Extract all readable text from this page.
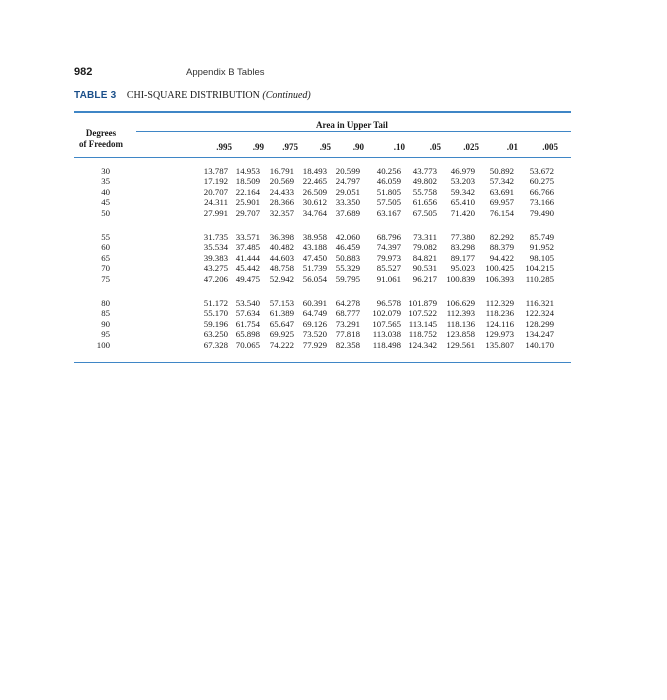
982	Appendix B Tables
TABLE 3 CHI-SQUARE DISTRIBUTION (Continued)
Degrees
of Freedom
Area in Upper Tail
.995 .99 .975 .95 .90	.10	.05 .025	.01	.005
30	13.787 14.953 16.791 18.493 20.599 40.256 43.773 46.979 50.892 53.672
35	17.192 18.509 20.569 22.465 24.797 46.059 49.802 53.203 57.342 60.275
40	20.707 22.164 24.433 26.509 29.051 51.805 55.758 59.342 63.691 66.766
45	24.311 25.901 28.366 30.612 33.350 57.505 61.656 65.410 69.957 73.166
50	27.991 29.707 32.357 34.764 37.689 63.167 67.505 71.420 76.154 79.490
55	31.735 33.571 36.398 38.958 42.060 68.796 73.311 77.380 82.292 85.749
60	35.534 37.485 40.482 43.188 46.459 74.397 79.082 83.298 88.379 91.952
65	39.383 41.444 44.603 47.450 50.883 79.973 84.821 89.177 94.422 98.105
70	43.275 45.442 48.758 51.739 55.329 85.527 90.531 95.023 100.425 104.215
75	47.206 49.475 52.942 56.054 59.795 91.061 96.217 100.839 106.393 110.285
80	51.172 53.540 57.153 60.391 64.278 96.578 101.879 106.629 112.329 116.321
85	55.170 57.634 61.389 64.749 68.777 102.079 107.522 112.393 118.236 122.324
90	59.196 61.754 65.647 69.126 73.291 107.565 113.145 118.136 124.116 128.299
95	63.250 65.898 69.925 73.520 77.818 113.038 118.752 123.858 129.973 134.247
100	67.328 70.065 74.222 77.929 82.358 118.498 124.342 129.561 135.807 140.170
